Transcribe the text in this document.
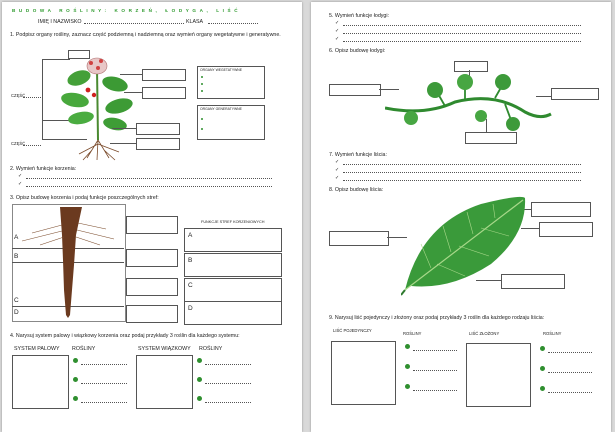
BUDOWA ROŚLINY: KORZEŃ, ŁODYGA, LIŚĆ
IMIĘ I NAZWISKO	KLASA
1. Podpisz organy rośliny, zaznacz część podziemną i nadziemną oraz wymień organy wegetatywne i generatywne.
CZĘŚĆ
CZĘŚĆ
ORGANY WEGETATYWNE
ORGANY GENERATYWNE
2. Wymień funkcje korzenia:
✓
✓
3. Opisz budowę korzenia i podaj funkcje poszczególnych stref:
A
B
C
D
FUNKCJE STREF KORZENIOWYCH
A
B
C
D
4. Narysuj system palowy i wiązkowy korzenia oraz podaj przykłady 3 roślin dla każdego systemu:
SYSTEM PALOWY ROŚLINY	SYSTEM WIĄZKOWY ROŚLINY
5. Wymień funkcje łodygi:
✓
✓
✓
6. Opisz budowę łodygi:
7. Wymień funkcje liścia:
✓
✓
✓
8. Opisz budowę liścia:
9. Narysuj liść pojedynczy i złożony oraz podaj przykłady 3 roślin dla każdego rodzaju liścia:
LIŚĆ POJEDYNCZY
ROŚLINY	LIŚĆ ZŁOŻONY	ROŚLINY
